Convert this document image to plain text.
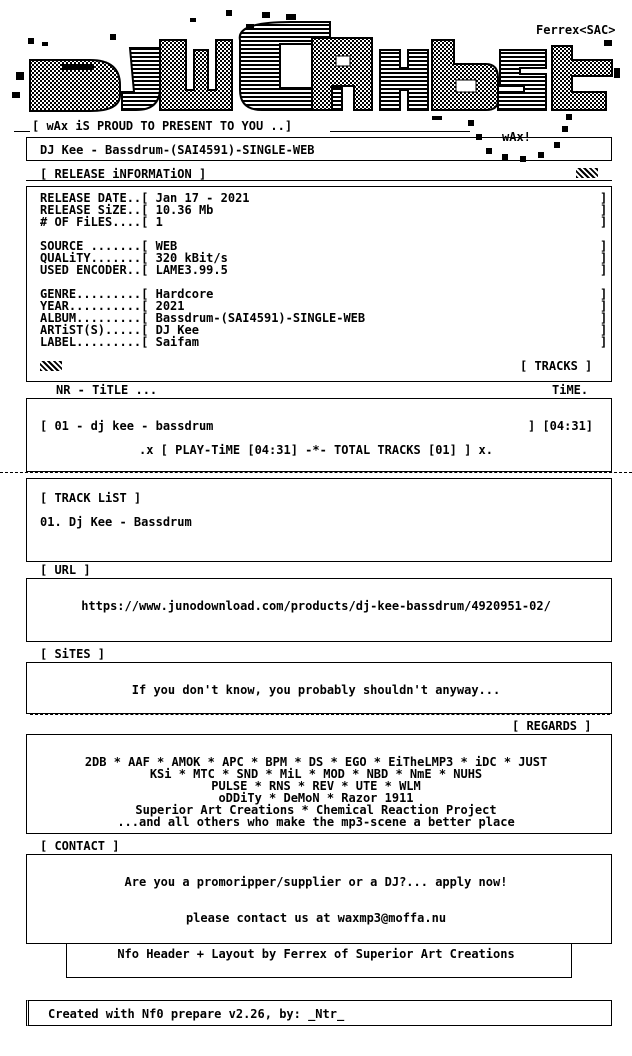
Ferrex<SAC>
wAx!
[ wAx iS PROUD TO PRESENT TO YOU ..]
DJ Kee - Bassdrum-(SAI4591)-SINGLE-WEB
[ RELEASE iNFORMATiON ]
RELEASE DATE..[ Jan 17 - 2021
RELEASE SiZE..[ 10.36 Mb
# OF FiLES....[ 1
SOURCE .......[ WEB
QUALiTY.......[ 320 kBit/s
USED ENCODER..[ LAME3.99.5
GENRE.........[ Hardcore
YEAR..........[ 2021
ALBUM.........[ Bassdrum-(SAI4591)-SINGLE-WEB
ARTiST(S).....[ DJ Kee
LABEL.........[ Saifam
]
]
]
]
]
]
]
]
]
]
]
[ TRACKS ]
NR - TiTLE ...	TiME.
[ 01 - dj kee - bassdrum	] [04:31]
.x [ PLAY-TiME [04:31] -*- TOTAL TRACKS [01] ] x.
[ TRACK LiST ]
01. Dj Kee - Bassdrum
[ URL ]
https://www.junodownload.com/products/dj-kee-bassdrum/4920951-02/
[ SiTES ]
If you don't know, you probably shouldn't anyway...
[ REGARDS ]
2DB * AAF * AMOK * APC * BPM * DS * EGO * EiTheLMP3 * iDC * JUST
KSi * MTC * SND * MiL * MOD * NBD * NmE * NUHS
PULSE * RNS * REV * UTE * WLM
oDDiTy * DeMoN * Razor 1911
Superior Art Creations * Chemical Reaction Project
...and all others who make the mp3-scene a better place
[ CONTACT ]
Are you a promoripper/supplier or a DJ?... apply now!
please contact us at waxmp3@moffa.nu
Nfo Header + Layout by Ferrex of Superior Art Creations
Created with Nf0 prepare v2.26, by: _Ntr_
